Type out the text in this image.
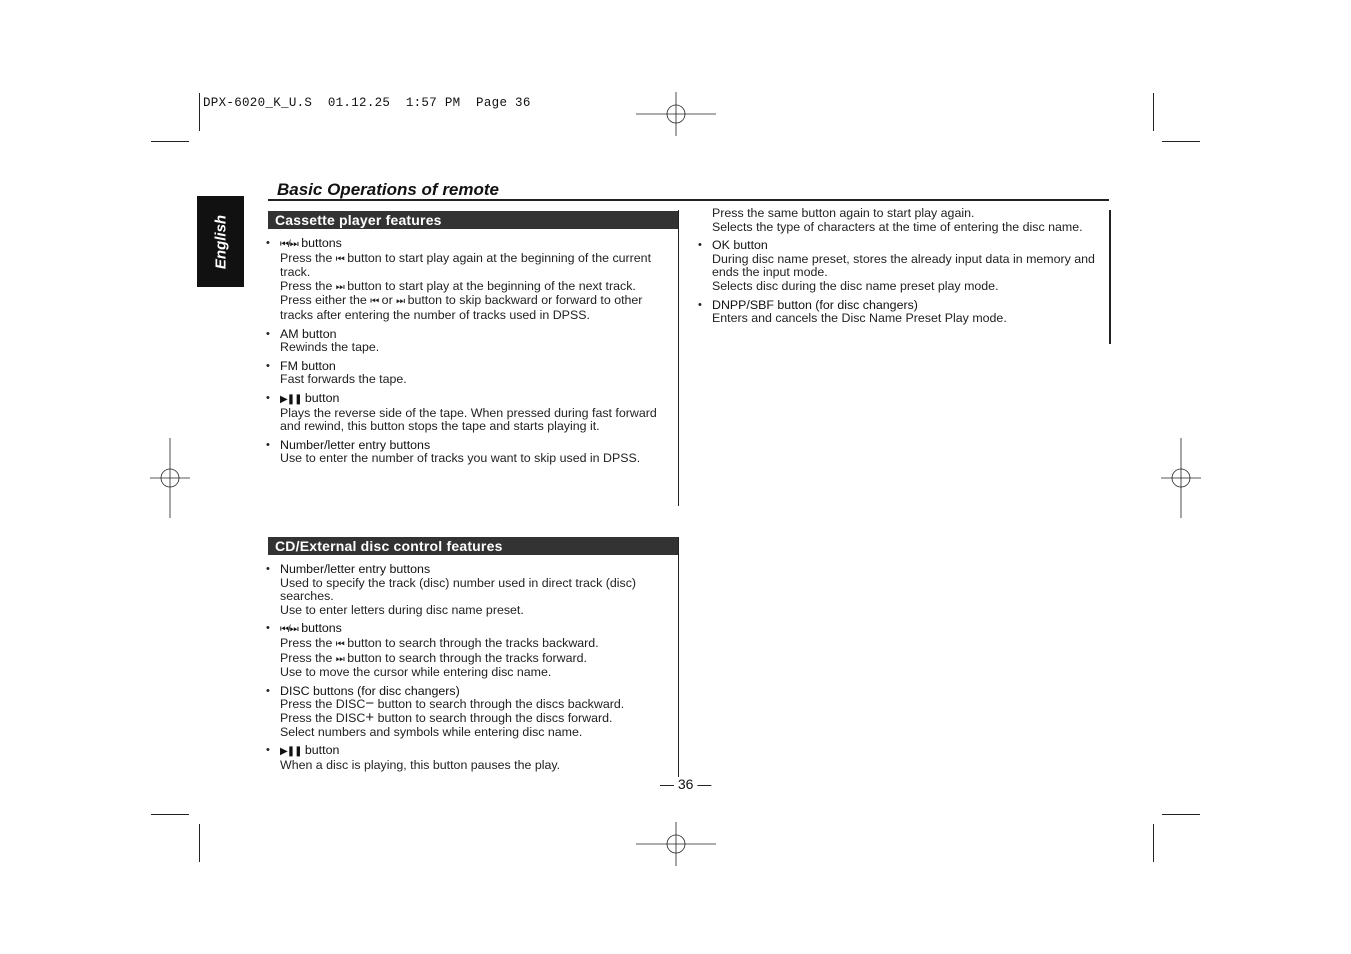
DPX-6020_K_U.S  01.12.25  1:57 PM  Page 36
English
Basic Operations of remote
Cassette player features
• ⏮/⏭ buttons
Press the ⏮ button to start play again at the beginning of the current track.
Press the ⏭ button to start play at the beginning of the next track.
Press either the ⏮ or ⏭ button to skip backward or forward to other tracks after entering the number of tracks used in DPSS.
• AM button
Rewinds the tape.
• FM button
Fast forwards the tape.
• ▶❚❚ button
Plays the reverse side of the tape. When pressed during fast forward and rewind, this button stops the tape and starts playing it.
• Number/letter entry buttons
Use to enter the number of tracks you want to skip used in DPSS.
CD/External disc control features
• Number/letter entry buttons
Used to specify the track (disc) number used in direct track (disc) searches.
Use to enter letters during disc name preset.
• ⏮/⏭ buttons
Press the ⏮ button to search through the tracks backward.
Press the ⏭ button to search through the tracks forward.
Use to move the cursor while entering disc name.
• DISC buttons (for disc changers)
Press the DISC− button to search through the discs backward.
Press the DISC+ button to search through the discs forward.
Select numbers and symbols while entering disc name.
• ▶❚❚ button
When a disc is playing, this button pauses the play.
Press the same button again to start play again.
Selects the type of characters at the time of entering the disc name.
• OK button
During disc name preset, stores the already input data in memory and ends the input mode.
Selects disc during the disc name preset play mode.
• DNPP/SBF button (for disc changers)
Enters and cancels the Disc Name Preset Play mode.
— 36 —
